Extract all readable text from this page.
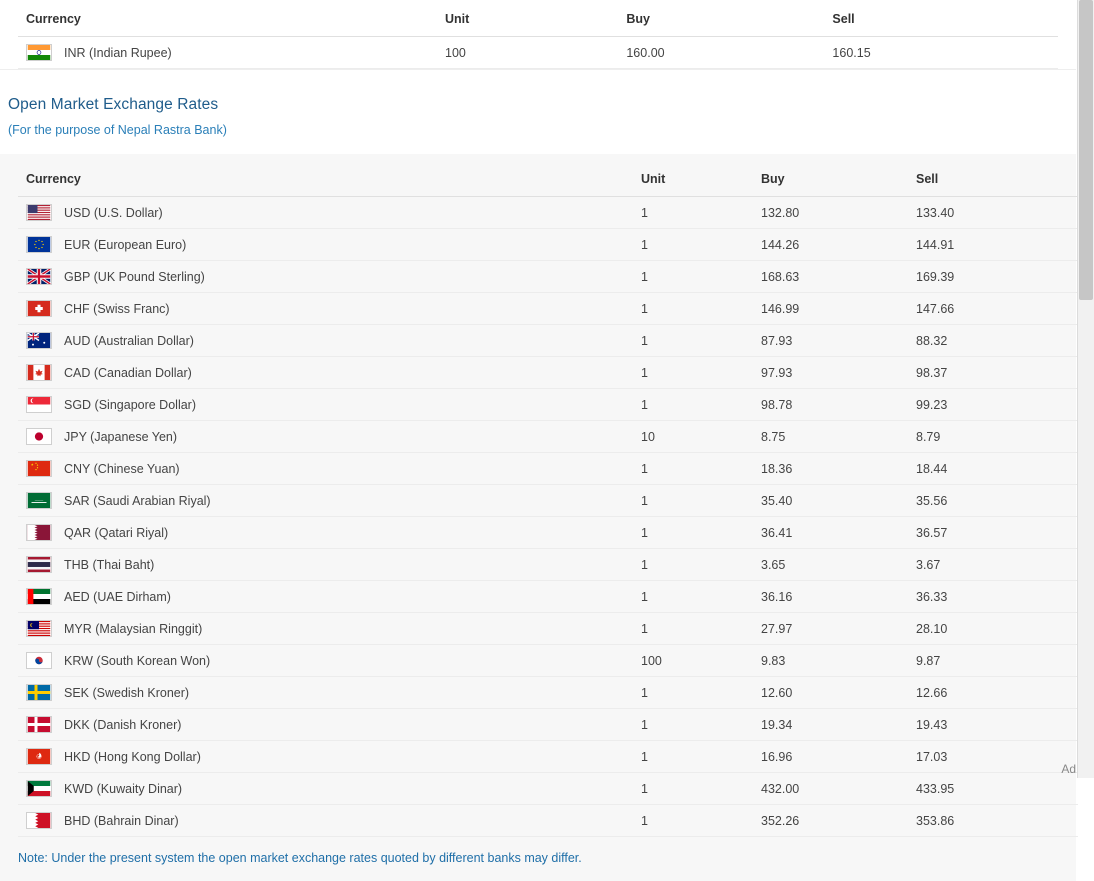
Currency	Unit	Buy	Sell

INR (Indian Rupee)	100	160.00	160.15
Open Market Exchange Rates

(For the purpose of Nepal Rastra Bank)

Currency	Unit	Buy	Sell

USD (U.S. Dollar)	1	132.80	133.40

EUR (European Euro)	1	144.26	144.91

GBP (UK Pound Sterling)	1	168.63	169.39

CHF (Swiss Franc)	1	146.99	147.66

AUD (Australian Dollar)	1	87.93	88.32

CAD (Canadian Dollar)	1	97.93	98.37

SGD (Singapore Dollar)	1	98.78	99.23

JPY (Japanese Yen)	10	8.75	8.79

CNY (Chinese Yuan)	1	18.36	18.44

____ SAR (Saudi Arabian Riyal)	1	35.40	35.56

QAR (Qatari Riyal)	1	36.41	36.57

THB (Thai Baht)	1	3.65	3.67

AED (UAE Dirham)	1	36.16	36.33

MYR (Malaysian Ringgit)	1	27.97	28.10

KRW (South Korean Won)	100	9.83	9.87

SEK (Swedish Kroner)	1	12.60	12.66

DKK (Danish Kroner)	1	19.34	19.43

HKD (Hong Kong Dollar)	1	16.96	17.03

KWD (Kuwaity Dinar)	1	432.00	433.95

BHD (Bahrain Dinar)	1	352.26	353.86
Note: Under the present system the open market exchange rates quoted by different banks may differ.
Ad
